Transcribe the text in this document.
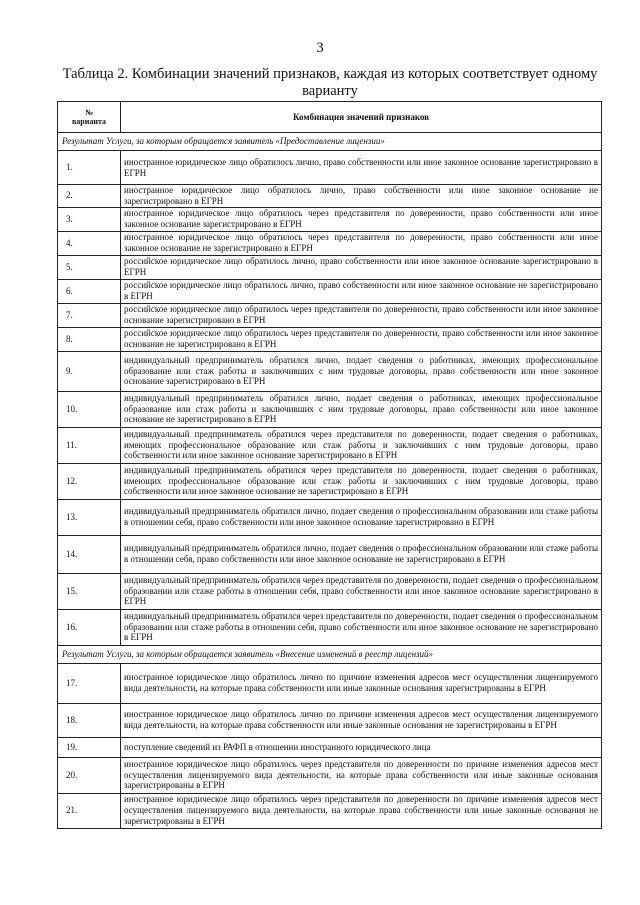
3
Таблица 2. Комбинации значений признаков, каждая из которых соответствует одному варианту
№
варианта	Комбинация значений признаков
Результат Услуги, за которым обращается заявитель «Предоставление лицензии»	
1.	иностранное юридическое лицо обратилось лично, право собственности или иное законное основание зарегистрировано в ЕГРН
2.	иностранное юридическое лицо обратилось лично, право собственности или иное законное основание не зарегистрировано в ЕГРН
3.	иностранное юридическое лицо обратилось через представителя по доверенности, право собственности или иное законное основание зарегистрировано в ЕГРН
4.	иностранное юридическое лицо обратилось через представителя по доверенности, право собственности или иное законное основание не зарегистрировано в ЕГРН
5.	российское юридическое лицо обратилось лично, право собственности или иное законное основание зарегистрировано в ЕГРН
6.	российское юридическое лицо обратилось лично, право собственности или иное законное основание не зарегистрировано в ЕГРН
7.	российское юридическое лицо обратилось через представителя по доверенности, право собственности или иное законное основание зарегистрировано в ЕГРН
8.	российское юридическое лицо обратилось через представителя по доверенности, право собственности или иное законное основание не зарегистрировано в ЕГРН
9.	индивидуальный предприниматель обратился лично, подает сведения о работниках, имеющих профессиональное образование или стаж работы и заключивших с ним трудовые договоры, право собственности или иное законное основание зарегистрировано в ЕГРН
10.	индивидуальный предприниматель обратился лично, подает сведения о работниках, имеющих профессиональное образование или стаж работы и заключивших с ним трудовые договоры, право собственности или иное законное основание не зарегистрировано в ЕГРН
11.	индивидуальный предприниматель обратился через представителя по доверенности, подает сведения о работниках, имеющих профессиональное образование или стаж работы и заключивших с ним трудовые договоры, право собственности или иное законное основание зарегистрировано в ЕГРН
12.	индивидуальный предприниматель обратился через представителя по доверенности, подает сведения о работниках, имеющих профессиональное образование или стаж работы и заключивших с ним трудовые договоры, право собственности или иное законное основание не зарегистрировано в ЕГРН
13.	индивидуальный предприниматель обратился лично, подает сведения о профессиональном образовании или стаже работы в отношении себя, право собственности или иное законное основание зарегистрировано в ЕГРН
14.	индивидуальный предприниматель обратился лично, подает сведения о профессиональном образовании или стаже работы в отношении себя, право собственности или иное законное основание не зарегистрировано в ЕГРН
15.	индивидуальный предприниматель обратился через представителя по доверенности, подает сведения о профессиональном образовании или стаже работы в отношении себя, право собственности или иное законное основание зарегистрировано в ЕГРН
16.	индивидуальный предприниматель обратился через представителя по доверенности, подает сведения о профессиональном образовании или стаже работы в отношении себя, право собственности или иное законное основание не зарегистрировано в ЕГРН
Результат Услуги, за которым обращается заявитель «Внесение изменений в реестр лицензий»	
17.	иностранное юридическое лицо обратилось лично по причине изменения адресов мест осуществления лицензируемого вида деятельности, на которые права собственности или иные законные основания зарегистрированы в ЕГРН
18.	иностранное юридическое лицо обратилось лично по причине изменения адресов мест осуществления лицензируемого вида деятельности, на которые права собственности или иные законные основания не зарегистрированы в ЕГРН
19.	поступление сведений из РАФП в отношении иностранного юридического лица
20.	иностранное юридическое лицо обратилось через представителя по доверенности по причине изменения адресов мест осуществления лицензируемого вида деятельности, на которые права собственности или иные законные основания зарегистрированы в ЕГРН
21.	иностранное юридическое лицо обратилось через представителя по доверенности по причине изменения адресов мест осуществления лицензируемого вида деятельности, на которые права собственности или иные законные основания не зарегистрированы в ЕГРН
